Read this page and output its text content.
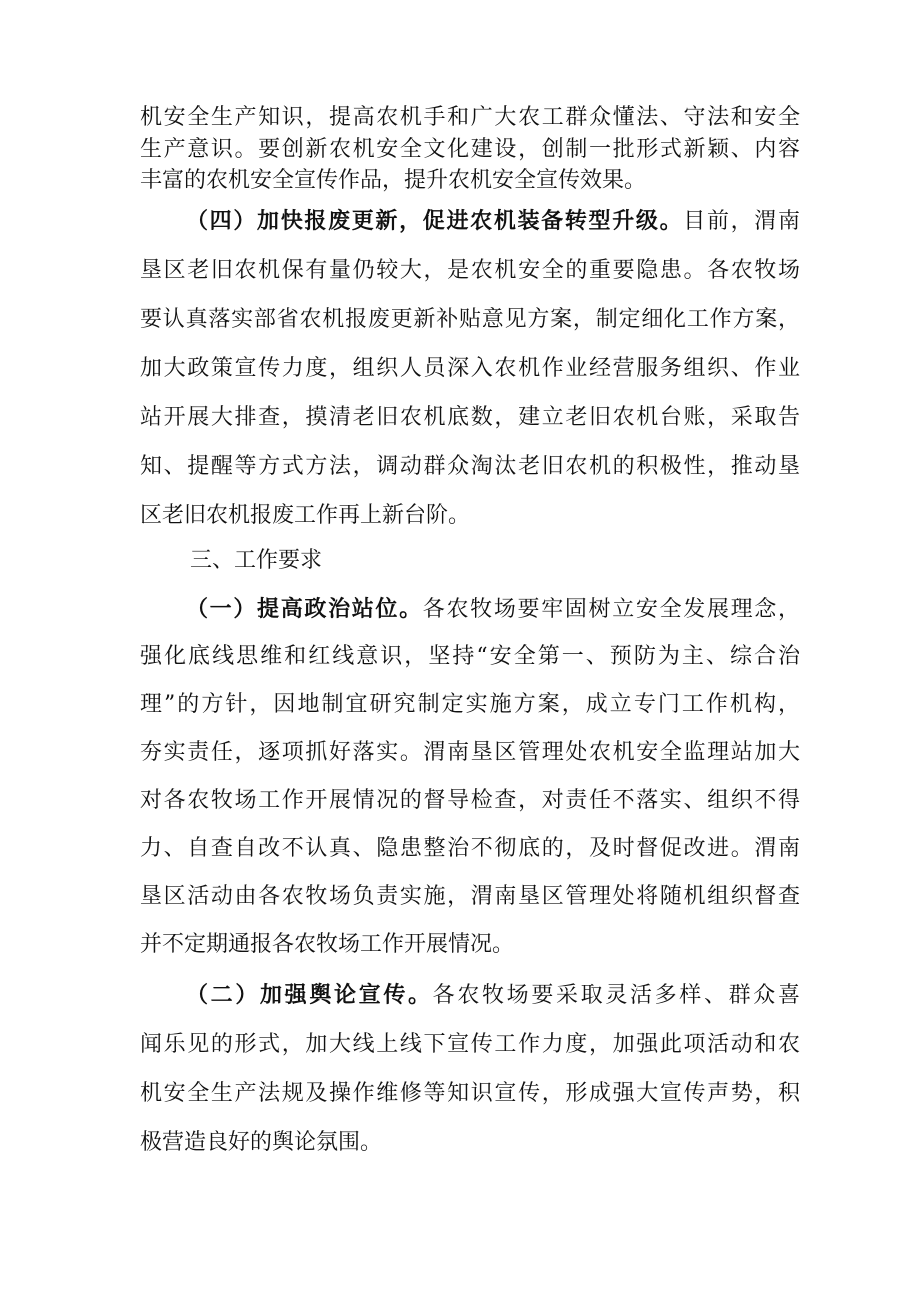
机安全生产知识，提高农机手和广大农工群众懂法、守法和安全
生产意识。要创新农机安全文化建设，创制一批形式新颖、内容
丰富的农机安全宣传作品，提升农机安全宣传效果。
（四）加快报废更新，促进农机装备转型升级。目前，渭南
垦区老旧农机保有量仍较大，是农机安全的重要隐患。各农牧场
要认真落实部省农机报废更新补贴意见方案，制定细化工作方案，
加大政策宣传力度，组织人员深入农机作业经营服务组织、作业
站开展大排查，摸清老旧农机底数，建立老旧农机台账，采取告
知、提醒等方式方法，调动群众淘汰老旧农机的积极性，推动垦
区老旧农机报废工作再上新台阶。
三、工作要求
（一）提高政治站位。各农牧场要牢固树立安全发展理念，
强化底线思维和红线意识，坚持“安全第一、预防为主、综合治
理”的方针，因地制宜研究制定实施方案，成立专门工作机构，
夯实责任，逐项抓好落实。渭南垦区管理处农机安全监理站加大
对各农牧场工作开展情况的督导检查，对责任不落实、组织不得
力、自查自改不认真、隐患整治不彻底的，及时督促改进。渭南
垦区活动由各农牧场负责实施，渭南垦区管理处将随机组织督查
并不定期通报各农牧场工作开展情况。
（二）加强舆论宣传。各农牧场要采取灵活多样、群众喜
闻乐见的形式，加大线上线下宣传工作力度，加强此项活动和农
机安全生产法规及操作维修等知识宣传，形成强大宣传声势，积
极营造良好的舆论氛围。
